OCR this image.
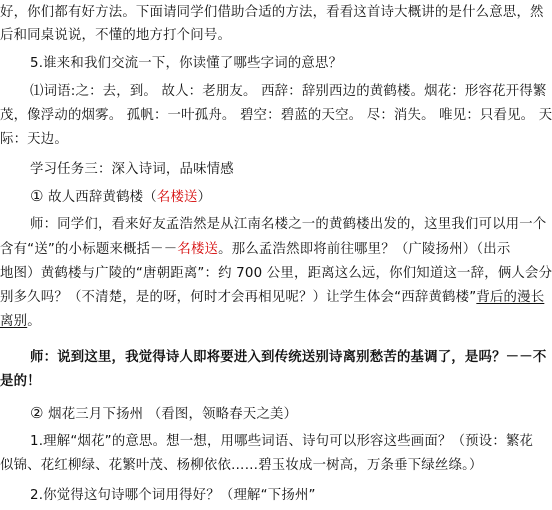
好，你们都有好方法。下面请同学们借助合适的方法，看看这首诗大概讲的是什么意思，然
后和同桌说说，不懂的地方打个问号。
5.谁来和我们交流一下，你读懂了哪些字词的意思？
⑴词语:之：去，到。 故人：老朋友。 西辞：辞别西边的黄鹤楼。烟花：形容花开得繁
茂，像浮动的烟雾。 孤帆：一叶孤舟。 碧空：碧蓝的天空。 尽：消失。 唯见：只看见。 天
际：天边。
学习任务三：深入诗词，品味情感
① 故人西辞黄鹤楼（名楼送）
师：同学们，看来好友孟浩然是从江南名楼之一的黄鹤楼出发的，这里我们可以用一个
含有“送”的小标题来概括－－名楼送。那么孟浩然即将前往哪里？（广陵扬州）（出示
地图）黄鹤楼与广陵的“唐朝距离”：约 700 公里，距离这么远，你们知道这一辞，俩人会分
别多久吗？（不清楚，是的呀，何时才会再相见呢？）让学生体会“西辞黄鹤楼”背后的漫长
离别。
师：说到这里，我觉得诗人即将要进入到传统送别诗离别愁苦的基调了，是吗？－－不
是的！
② 烟花三月下扬州 （看图，领略春天之美）
1.理解“烟花”的意思。想一想，用哪些词语、诗句可以形容这些画面？（预设：繁花
似锦、花红柳绿、花繁叶茂、杨柳依依……碧玉妆成一树高，万条垂下绿丝绦。）
2.你觉得这句诗哪个词用得好？（理解“下扬州”
